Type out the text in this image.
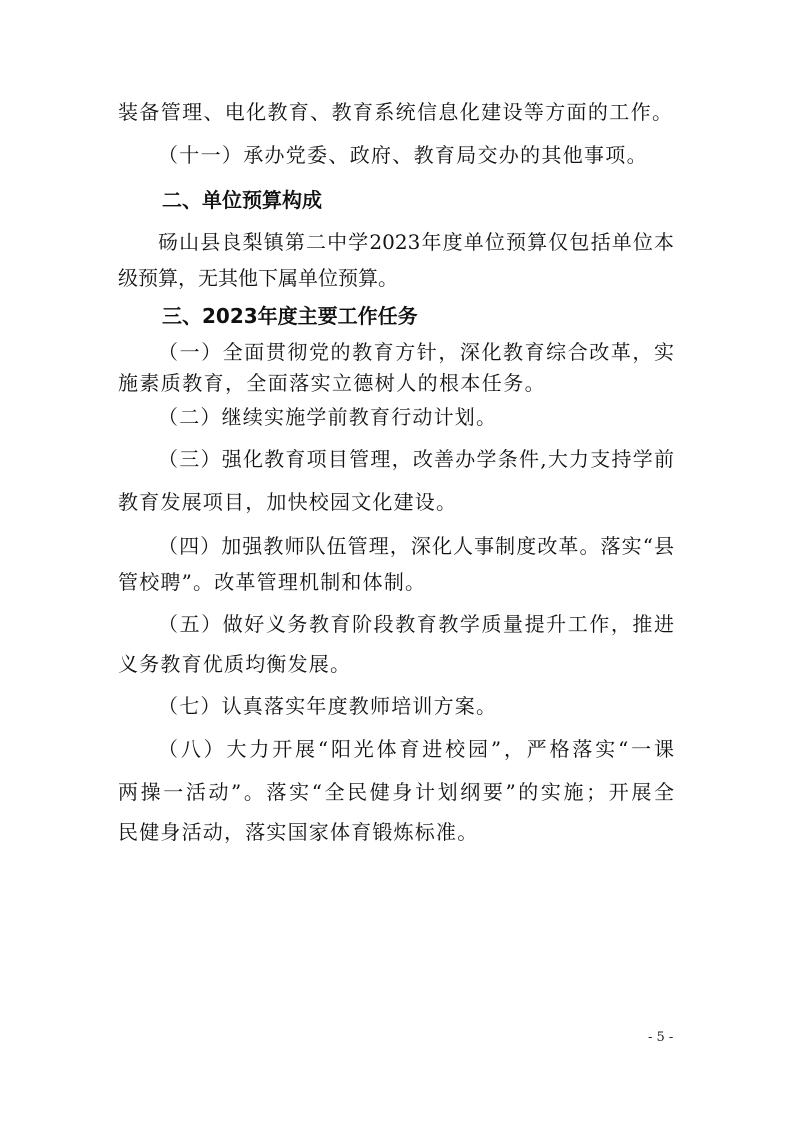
装备管理、电化教育、教育系统信息化建设等方面的工作。
（十一）承办党委、政府、教育局交办的其他事项。
二、单位预算构成
砀山县良梨镇第二中学2023年度单位预算仅包括单位本
级预算，无其他下属单位预算。
三、2023年度主要工作任务
（一）全面贯彻党的教育方针，深化教育综合改革，实
施素质教育，全面落实立德树人的根本任务。
（二）继续实施学前教育行动计划。
（三）强化教育项目管理，改善办学条件,大力支持学前
教育发展项目，加快校园文化建设。
（四）加强教师队伍管理，深化人事制度改革。落实“县
管校聘”。改革管理机制和体制。
（五）做好义务教育阶段教育教学质量提升工作，推进
义务教育优质均衡发展。
（七）认真落实年度教师培训方案。
（八）大力开展“阳光体育进校园”，严格落实“一课
两操一活动”。落实“全民健身计划纲要”的实施；开展全
民健身活动，落实国家体育锻炼标准。
- 5 -
